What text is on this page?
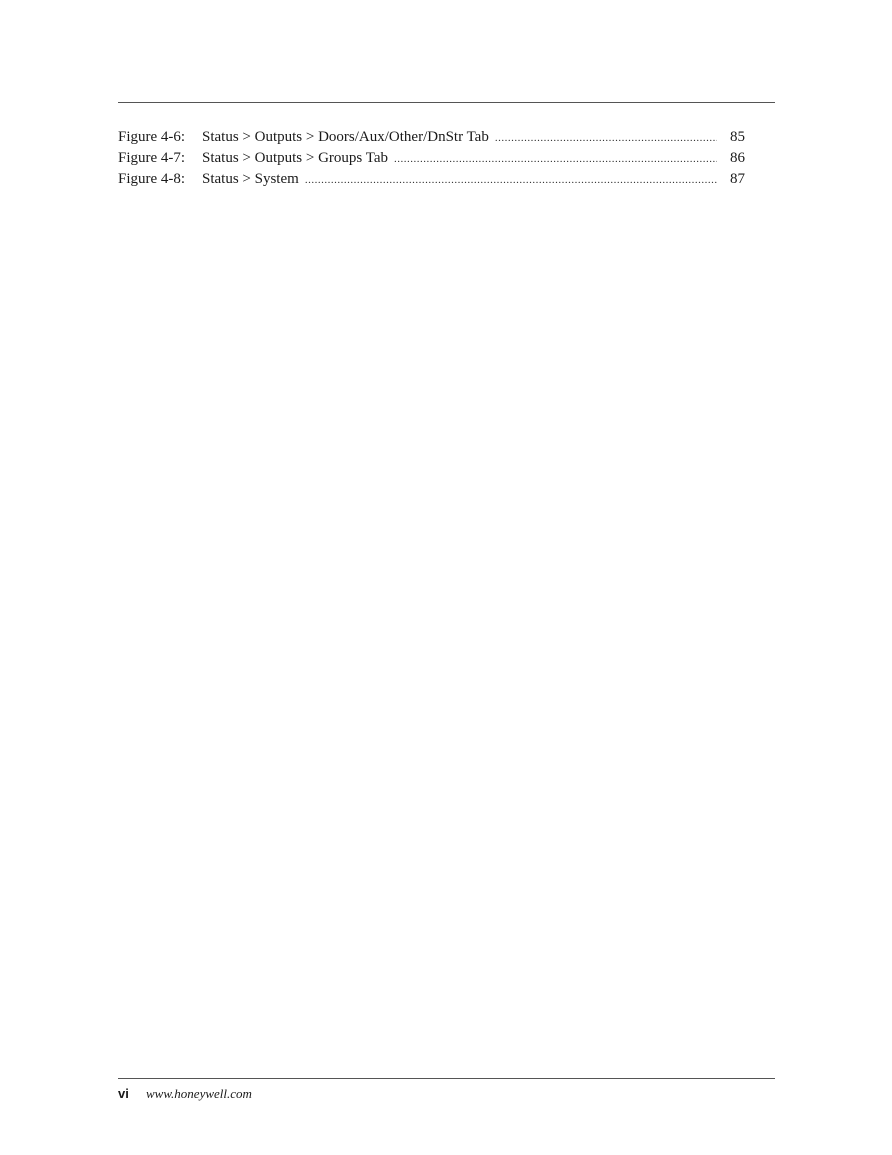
Figure 4-6:	Status > Outputs > Doors/Aux/Other/DnStr Tab .....	85
Figure 4-7:	Status > Outputs > Groups Tab .....	86
Figure 4-8:	Status > System .....	87
vi	www.honeywell.com
